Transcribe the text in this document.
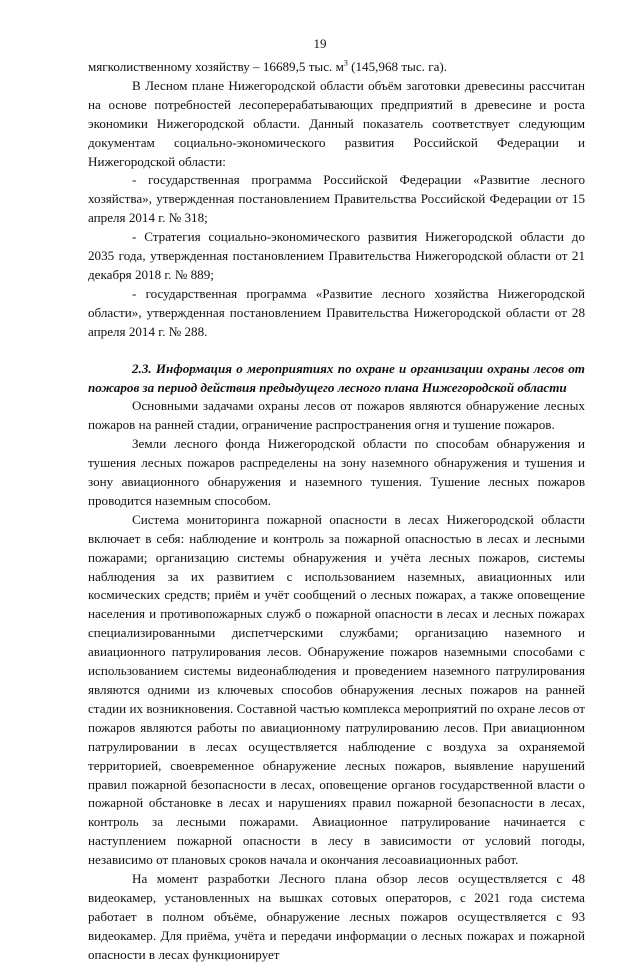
19

мягколиственному хозяйству – 16689,5 тыс. $м^3$ (145,968 тыс. га).

В Лесном плане Нижегородской области объём заготовки древесины рассчитан на основе потребностей лесоперерабатывающих предприятий в древесине и роста экономики Нижегородской области. Данный показатель соответствует следующим документам социально-экономического развития Российской Федерации и Нижегородской области:

- государственная программа Российской Федерации «Развитие лесного хозяйства», утвержденная постановлением Правительства Российской Федерации от 15 апреля 2014 г. № 318;

- Стратегия социально-экономического развития Нижегородской области до 2035 года, утвержденная постановлением Правительства Нижегородской области от 21 декабря 2018 г. № 889;

- государственная программа «Развитие лесного хозяйства Нижегородской области», утвержденная постановлением Правительства Нижегородской области от 28 апреля 2014 г. № 288.

2.3. Информация о мероприятиях по охране и организации охраны лесов от пожаров за период действия предыдущего лесного плана Нижегородской области

Основными задачами охраны лесов от пожаров являются обнаружение лесных пожаров на ранней стадии, ограничение распространения огня и тушение пожаров.

Земли лесного фонда Нижегородской области по способам обнаружения и тушения лесных пожаров распределены на зону наземного обнаружения и тушения и зону авиационного обнаружения и наземного тушения. Тушение лесных пожаров проводится наземным способом.

Система мониторинга пожарной опасности в лесах Нижегородской области включает в себя: наблюдение и контроль за пожарной опасностью в лесах и лесными пожарами; организацию системы обнаружения и учёта лесных пожаров, системы наблюдения за их развитием с использованием наземных, авиационных или космических средств; приём и учёт сообщений о лесных пожарах, а также оповещение населения и противопожарных служб о пожарной опасности в лесах и лесных пожарах специализированными диспетчерскими службами; организацию наземного и авиационного патрулирования лесов. Обнаружение пожаров наземными способами с использованием системы видеонаблюдения и проведением наземного патрулирования являются одними из ключевых способов обнаружения лесных пожаров на ранней стадии их возникновения. Составной частью комплекса мероприятий по охране лесов от пожаров являются работы по авиационному патрулированию лесов. При авиационном патрулировании в лесах осуществляется наблюдение с воздуха за охраняемой территорией, своевременное обнаружение лесных пожаров, выявление нарушений правил пожарной безопасности в лесах, оповещение органов государственной власти о пожарной обстановке в лесах и нарушениях правил пожарной безопасности в лесах, контроль за лесными пожарами. Авиационное патрулирование начинается с наступлением пожарной опасности в лесу в зависимости от условий погоды, независимо от плановых сроков начала и окончания лесоавиационных работ.

На момент разработки Лесного плана обзор лесов осуществляется с 48 видеокамер, установленных на вышках сотовых операторов, с 2021 года система работает в полном объёме, обнаружение лесных пожаров осуществляется с 93 видеокамер. Для приёма, учёта и передачи информации о лесных пожарах и пожарной опасности в лесах функционирует
